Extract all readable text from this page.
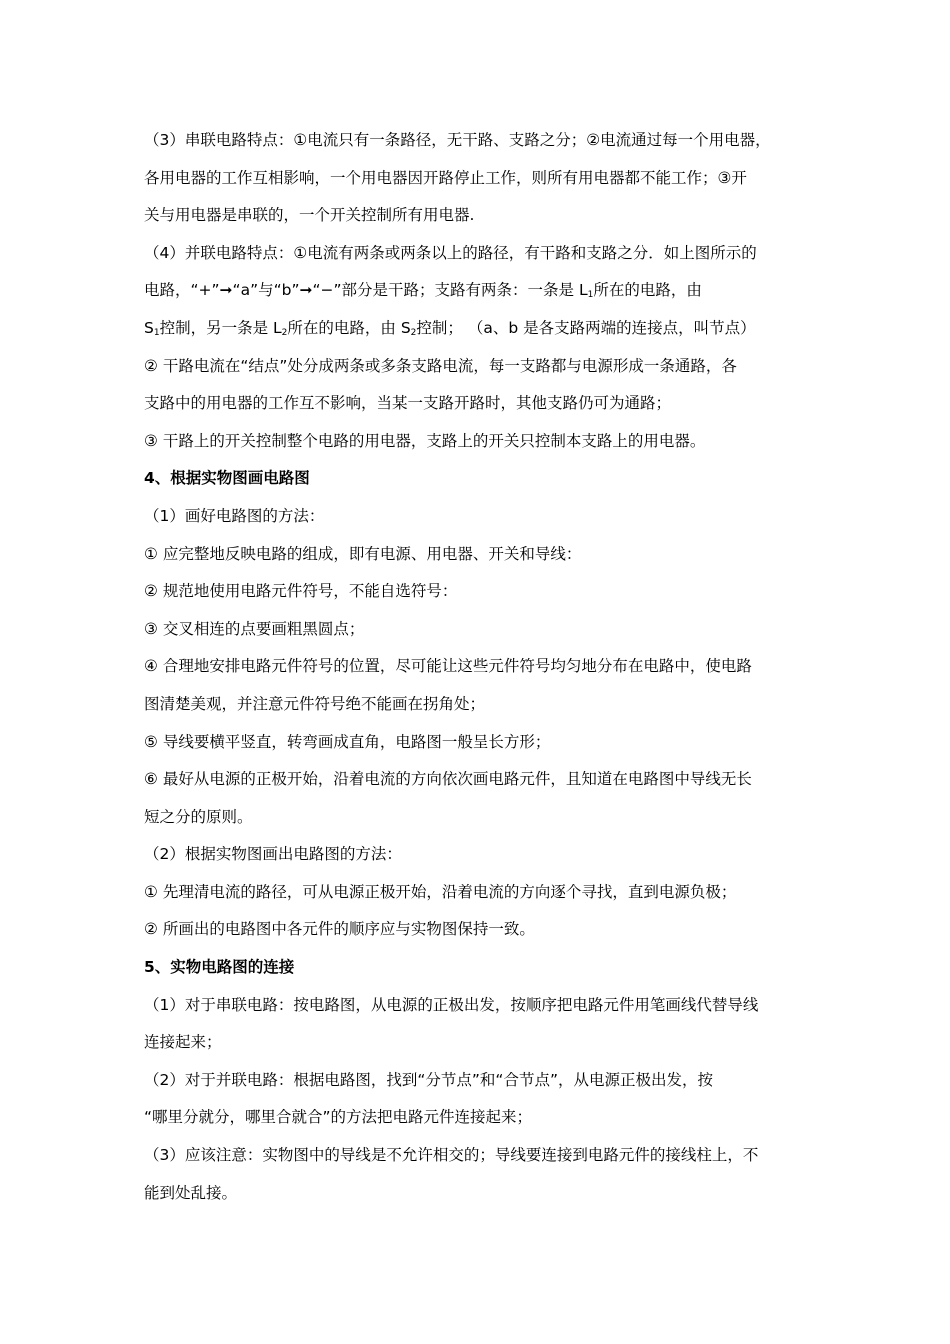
（3）串联电路特点：①电流只有一条路径，无干路、支路之分；②电流通过每一个用电器，
各用电器的工作互相影响，一个用电器因开路停止工作，则所有用电器都不能工作；③开
关与用电器是串联的，一个开关控制所有用电器.
（4）并联电路特点：①电流有两条或两条以上的路径，有干路和支路之分．如上图所示的
电路，“+”➞“a”与“b”➞“−”部分是干路；支路有两条：一条是 $L_1$所在的电路，由
$S_1$控制，另一条是 $L_2$所在的电路，由 $S_2$控制； （a、b 是各支路两端的连接点，叫节点）
② 干路电流在“结点”处分成两条或多条支路电流，每一支路都与电源形成一条通路，各
支路中的用电器的工作互不影响，当某一支路开路时，其他支路仍可为通路；
③ 干路上的开关控制整个电路的用电器，支路上的开关只控制本支路上的用电器。
4、根据实物图画电路图
（1）画好电路图的方法：
① 应完整地反映电路的组成，即有电源、用电器、开关和导线：
② 规范地使用电路元件符号，不能自选符号：
③ 交叉相连的点要画粗黑圆点；
④ 合理地安排电路元件符号的位置，尽可能让这些元件符号均匀地分布在电路中，使电路
图清楚美观，并注意元件符号绝不能画在拐角处；
⑤ 导线要横平竖直，转弯画成直角，电路图一般呈长方形；
⑥ 最好从电源的正极开始，沿着电流的方向依次画电路元件，且知道在电路图中导线无长
短之分的原则。
（2）根据实物图画出电路图的方法：
① 先理清电流的路径，可从电源正极开始，沿着电流的方向逐个寻找，直到电源负极；
② 所画出的电路图中各元件的顺序应与实物图保持一致。
5、实物电路图的连接
（1）对于串联电路：按电路图，从电源的正极出发，按顺序把电路元件用笔画线代替导线
连接起来；
（2）对于并联电路：根据电路图，找到“分节点”和“合节点”，从电源正极出发，按
“哪里分就分，哪里合就合”的方法把电路元件连接起来；
（3）应该注意：实物图中的导线是不允许相交的；导线要连接到电路元件的接线柱上，不
能到处乱接。
